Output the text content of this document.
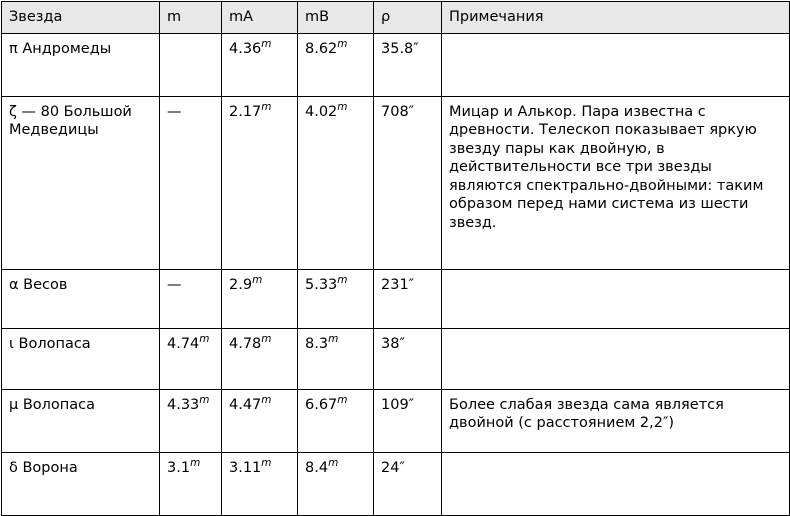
Звезда	m	mA	mB	ρ	Примечания
π Андромеды		4.36$^m$	8.62$^m$	35.8″	
ζ — 80 Большой Медведицы	—	2.17$^m$	4.02$^m$	708″	Мицар и Алькор. Пара известна с древности. Телескоп показывает яркую звезду пары как двойную, в действительности все три звезды являются спектрально-двойными: таким образом перед нами система из шести звезд.
α Весов	—	2.9$^m$	5.33$^m$	231″	
ι Волопаса	4.74$^m$	4.78$^m$	8.3$^m$	38″	
μ Волопаса	4.33$^m$	4.47$^m$	6.67$^m$	109″	Более слабая звезда сама является двойной (с расстоянием 2,2″)
δ Ворона	3.1$^m$	3.11$^m$	8.4$^m$	24″	
